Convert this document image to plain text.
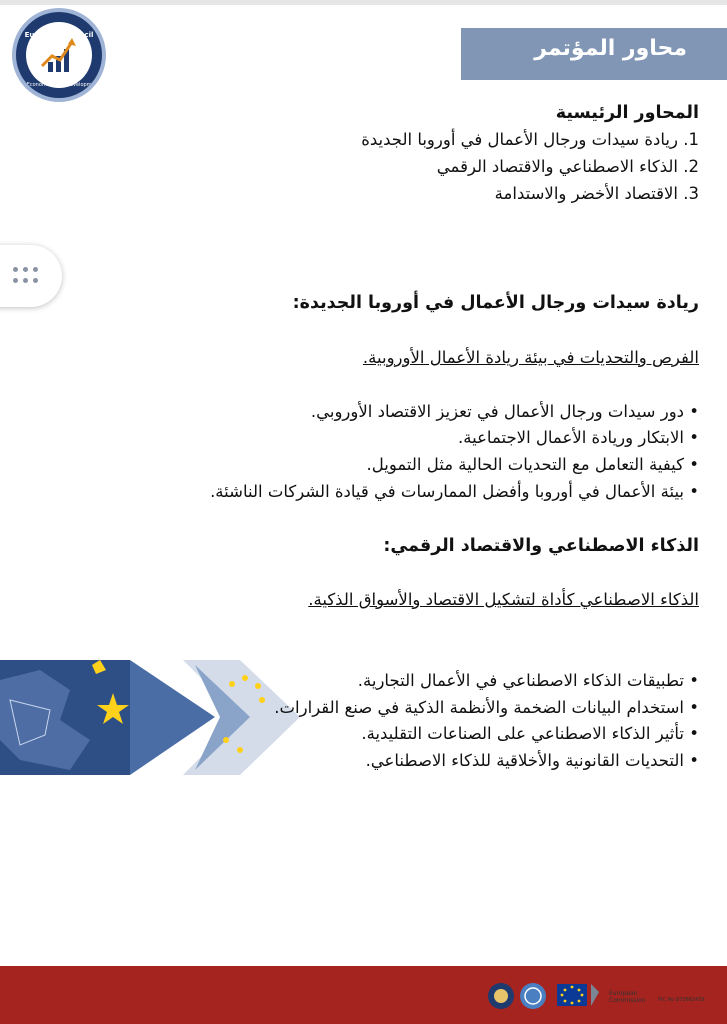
European Council
for Economics and Development
محاور المؤتمر
المحاور الرئيسية
1. ريادة سيدات ورجال الأعمال في أوروبا الجديدة
2. الذكاء الاصطناعي والاقتصاد الرقمي
3. الاقتصاد الأخضر والاستدامة
ريادة سيدات ورجال الأعمال في أوروبا الجديدة:
الفرص والتحديات في بيئة ريادة الأعمال الأوروبية.
• دور سيدات ورجال الأعمال في تعزيز الاقتصاد الأوروبي.
• الابتكار وريادة الأعمال الاجتماعية.
• كيفية التعامل مع التحديات الحالية مثل التمويل.
• بيئة الأعمال في أوروبا وأفضل الممارسات في قيادة الشركات الناشئة.
الذكاء الاصطناعي والاقتصاد الرقمي:
الذكاء الاصطناعي كأداة لتشكيل الاقتصاد والأسواق الذكية.
• تطبيقات الذكاء الاصطناعي في الأعمال التجارية.
• استخدام البيانات الضخمة والأنظمة الذكية في صنع القرارات.
• تأثير الذكاء الاصطناعي على الصناعات التقليدية.
• التحديات القانونية والأخلاقية للذكاء الاصطناعي.
European Commission	PIC No 875682439
